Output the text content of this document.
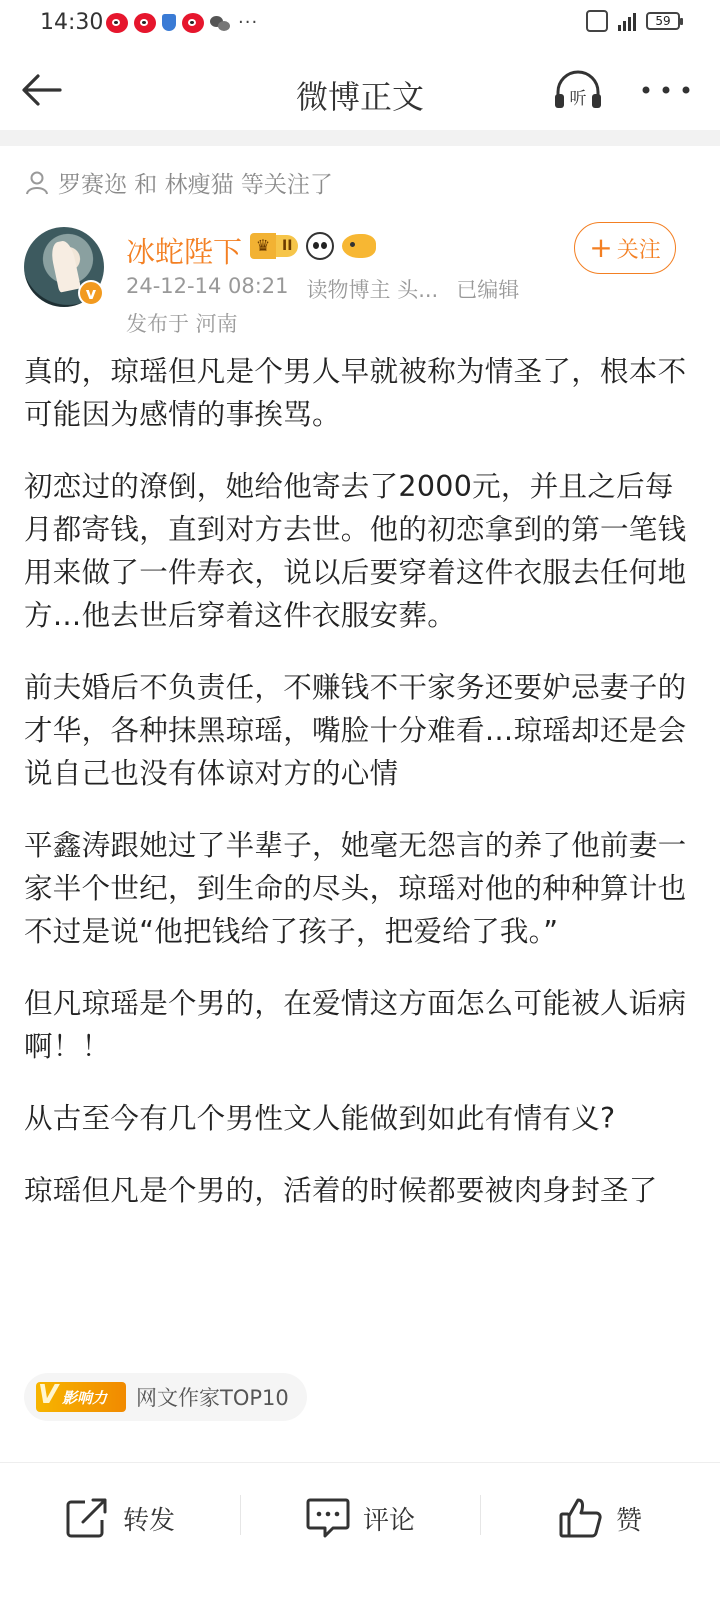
14:30	···	59
微博正文	听
罗赛迩 和 林瘦猫 等关注了
v
冰蛇陛下 ♛ II
24-12-14 08:21 读物博主 头... 已编辑
发布于 河南
+ 关注

真的，琼瑶但凡是个男人早就被称为情圣了，根本不可能因为感情的事挨骂。

初恋过的潦倒，她给他寄去了2000元，并且之后每月都寄钱，直到对方去世。他的初恋拿到的第一笔钱用来做了一件寿衣，说以后要穿着这件衣服去任何地方…他去世后穿着这件衣服安葬。

前夫婚后不负责任，不赚钱不干家务还要妒忌妻子的才华，各种抹黑琼瑶，嘴脸十分难看…琼瑶却还是会说自己也没有体谅对方的心情

平鑫涛跟她过了半辈子，她毫无怨言的养了他前妻一家半个世纪，到生命的尽头，琼瑶对他的种种算计也不过是说“他把钱给了孩子，把爱给了我。”

但凡琼瑶是个男的，在爱情这方面怎么可能被人诟病啊！！

从古至今有几个男性文人能做到如此有情有义?

琼瑶但凡是个男的，活着的时候都要被肉身封圣了

V 影响力 网文作家TOP10
转发	评论	赞
